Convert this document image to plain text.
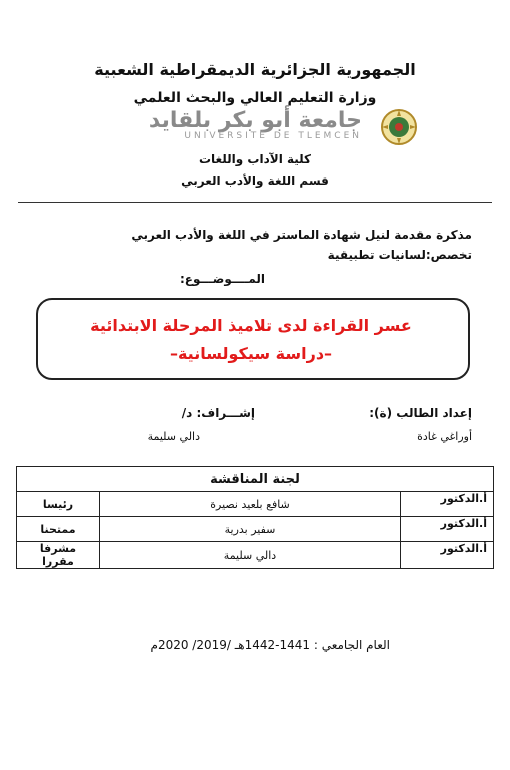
الجمهورية الجزائرية الديمقراطية الشعبية
وزارة التعليم العالي والبحث العلمي
جامعة أبو بكر بلقايد
UNIVERSITÉ DE TLEMCEN
كلية الآداب واللغات
قسم اللغة والأدب العربي
مذكرة مقدمة لنيل شهادة الماستر في اللغة والأدب العربي
تخصص:لسانيات تطبيقية
المــــوضـــوع:
عسر القراءة لدى تلاميذ المرحلة الابتدائية
–دراسة سيكولسانية–
إعداد الطالب (ة):
أوراغي غادة
إشـــراف: د/
دالي سليمة
لجنة المناقشة		
أ.الدكتور	شافع بلعيد نصيرة	رئيسا
أ.الدكتور	سفير بدرية	ممتحنا
أ.الدكتور	دالي سليمة	مشرفا مقررا
العام الجامعي : 1441-1442هـ /2019/ 2020م
